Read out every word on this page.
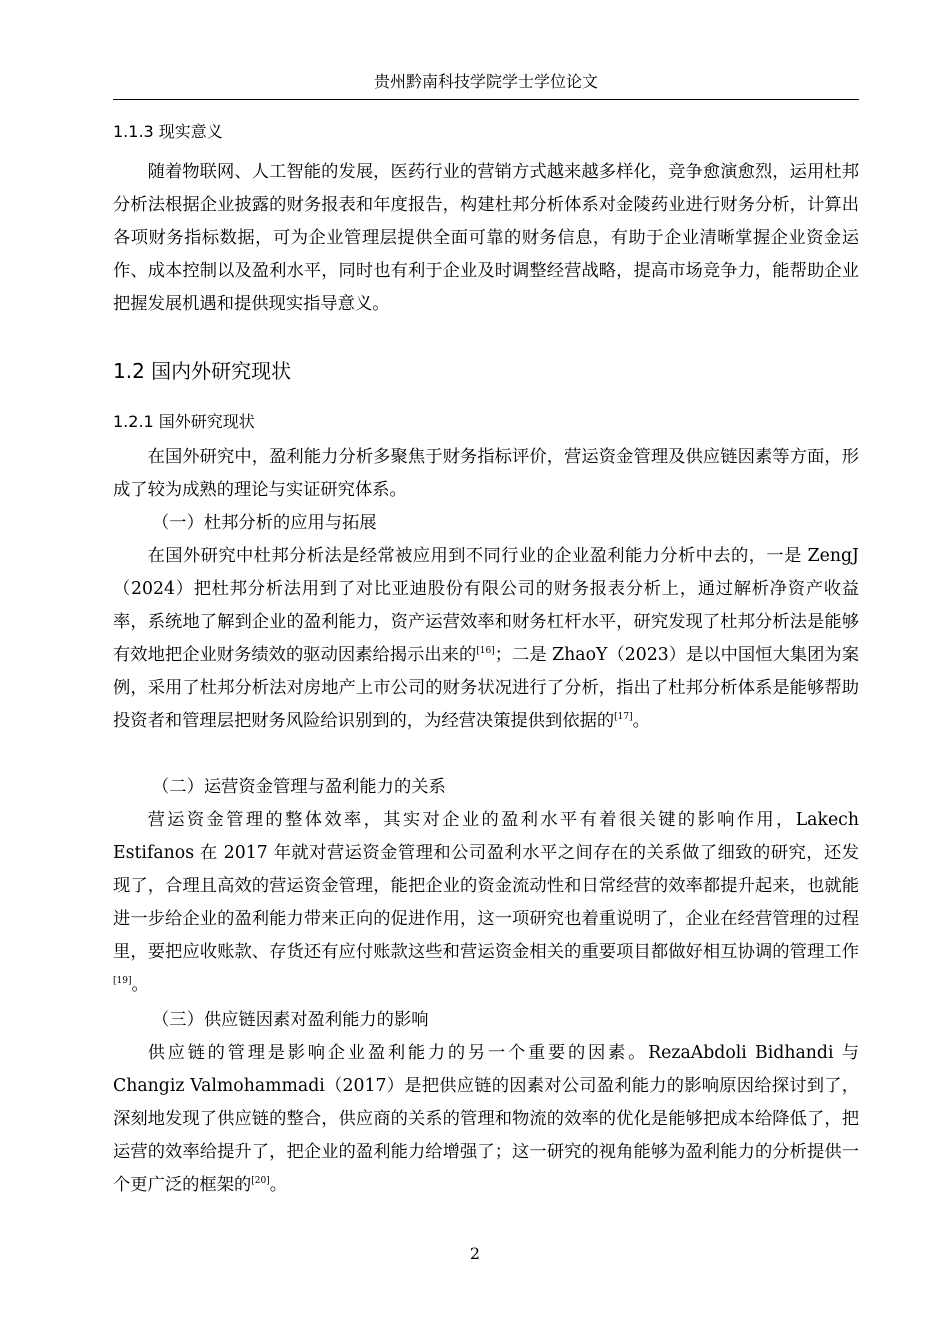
贵州黔南科技学院学士学位论文
1.1.3 现实意义
随着物联网、人工智能的发展，医药行业的营销方式越来越多样化，竞争愈演愈烈，运用杜邦分析法根据企业披露的财务报表和年度报告，构建杜邦分析体系对金陵药业进行财务分析，计算出各项财务指标数据，可为企业管理层提供全面可靠的财务信息，有助于企业清晰掌握企业资金运作、成本控制以及盈利水平，同时也有利于企业及时调整经营战略，提高市场竞争力，能帮助企业把握发展机遇和提供现实指导意义。
1.2 国内外研究现状
1.2.1 国外研究现状
在国外研究中，盈利能力分析多聚焦于财务指标评价，营运资金管理及供应链因素等方面，形成了较为成熟的理论与实证研究体系。
（一）杜邦分析的应用与拓展
在国外研究中杜邦分析法是经常被应用到不同行业的企业盈利能力分析中去的，一是 ZengJ（2024）把杜邦分析法用到了对比亚迪股份有限公司的财务报表分析上，通过解析净资产收益率，系统地了解到企业的盈利能力，资产运营效率和财务杠杆水平，研究发现了杜邦分析法是能够有效地把企业财务绩效的驱动因素给揭示出来的[16]；二是 ZhaoY（2023）是以中国恒大集团为案例，采用了杜邦分析法对房地产上市公司的财务状况进行了分析，指出了杜邦分析体系是能够帮助投资者和管理层把财务风险给识别到的，为经营决策提供到依据的[17]。
（二）运营资金管理与盈利能力的关系
营运资金管理的整体效率，其实对企业的盈利水平有着很关键的影响作用，Lakech Estifanos 在 2017 年就对营运资金管理和公司盈利水平之间存在的关系做了细致的研究，还发现了，合理且高效的营运资金管理，能把企业的资金流动性和日常经营的效率都提升起来，也就能进一步给企业的盈利能力带来正向的促进作用，这一项研究也着重说明了，企业在经营管理的过程里，要把应收账款、存货还有应付账款这些和营运资金相关的重要项目都做好相互协调的管理工作[19]。
（三）供应链因素对盈利能力的影响
供应链的管理是影响企业盈利能力的另一个重要的因素。RezaAbdoli Bidhandi 与 Changiz Valmohammadi（2017）是把供应链的因素对公司盈利能力的影响原因给探讨到了，深刻地发现了供应链的整合，供应商的关系的管理和物流的效率的优化是能够把成本给降低了，把运营的效率给提升了，把企业的盈利能力给增强了；这一研究的视角能够为盈利能力的分析提供一个更广泛的框架的[20]。
2
